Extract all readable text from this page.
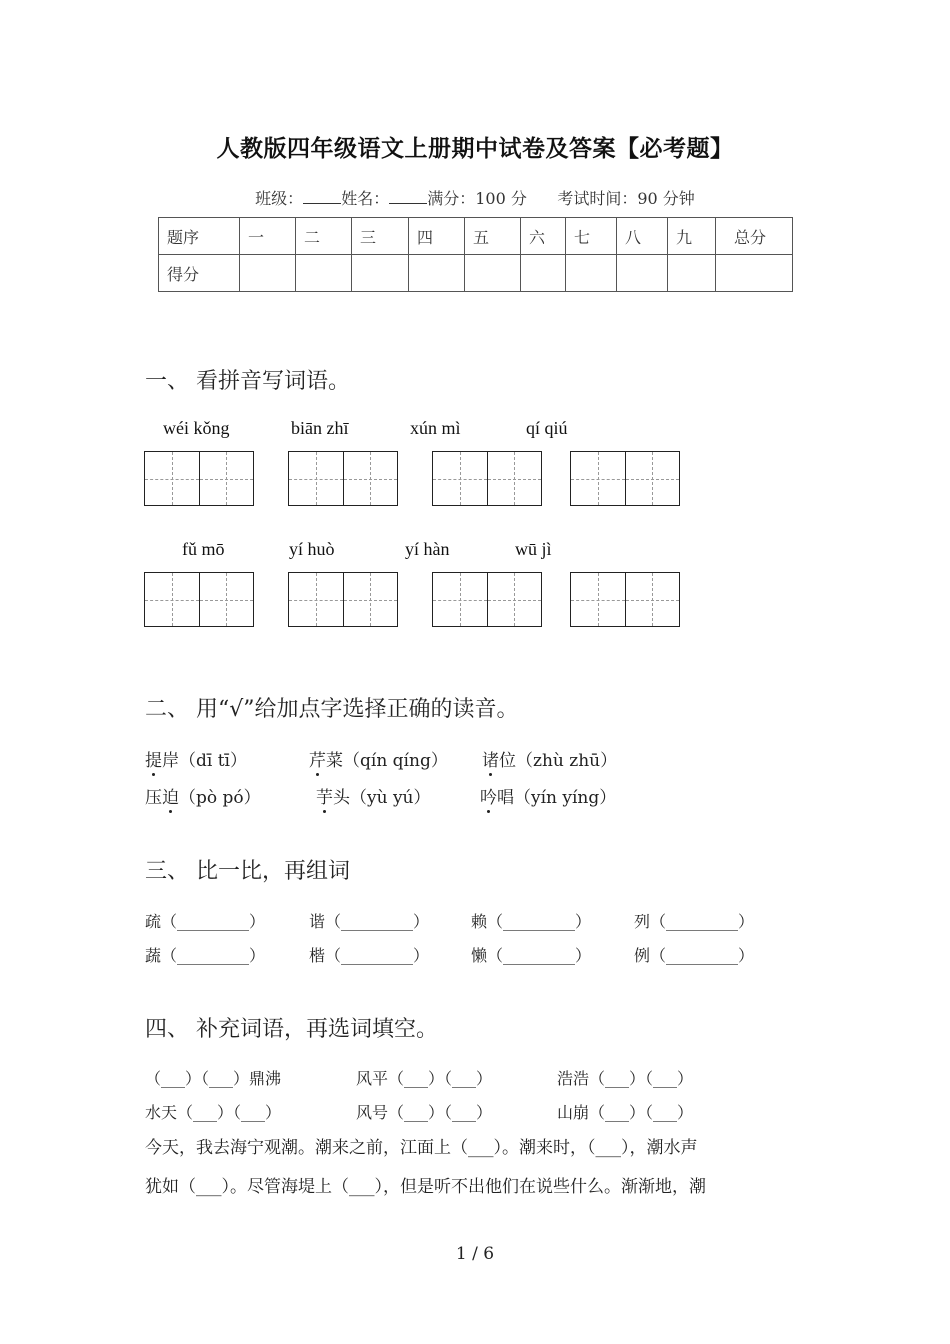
人教版四年级语文上册期中试卷及答案【必考题】
班级： 姓名： 满分：100 分 考试时间：90 分钟
题序	一	二	三	四	五	六	七	八	九	总分
得分										
一、 看拼音写词语。
wéi kǒng	biān zhī	xún mì	qí qiú
fǔ mō	yí huò	yí hàn	wū jì
二、 用“√”给加点字选择正确的读音。
提岸（dī tī）	芹菜（qín qíng） 诸位（zhù zhū）
压迫（pò pó）	芋头（yù yú）	吟唱（yín yíng）
三、 比一比，再组词
疏（_________）	谐（_________）	赖（_________）	列（_________）
蔬（_________）	楷（_________）	懒（_________）	例（_________）
四、 补充词语，再选词填空。
（___）（___）鼎沸	风平（___）（___）	浩浩（___）（___）
水天（___）（___）	风号（___）（___）	山崩（___）（___）
今天，我去海宁观潮。潮来之前，江面上（___）。潮来时，（___），潮水声
犹如（___）。尽管海堤上（___），但是听不出他们在说些什么。渐渐地，潮
1 / 6
